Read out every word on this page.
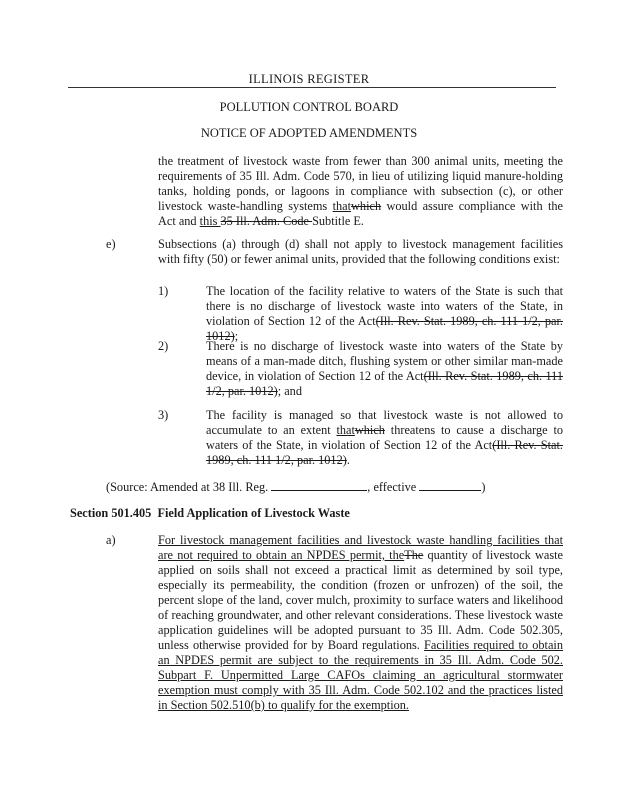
ILLINOIS REGISTER
POLLUTION CONTROL BOARD
NOTICE OF ADOPTED AMENDMENTS
the treatment of livestock waste from fewer than 300 animal units, meeting the requirements of 35 Ill. Adm. Code 570, in lieu of utilizing liquid manure-holding tanks, holding ponds, or lagoons in compliance with subsection (c), or other livestock waste-handling systems thatwhich would assure compliance with the Act and this 35 Ill. Adm. Code Subtitle E.
e)	Subsections (a) through (d) shall not apply to livestock management facilities with fifty (50) or fewer animal units, provided that the following conditions exist:
1)	The location of the facility relative to waters of the State is such that there is no discharge of livestock waste into waters of the State, in violation of Section 12 of the Act(Ill. Rev. Stat. 1989, ch. 111 1/2, par. 1012);
2)	There is no discharge of livestock waste into waters of the State by means of a man-made ditch, flushing system or other similar man-made device, in violation of Section 12 of the Act(Ill. Rev. Stat. 1989, ch. 111 1/2, par. 1012); and
3)	The facility is managed so that livestock waste is not allowed to accumulate to an extent thatwhich threatens to cause a discharge to waters of the State, in violation of Section 12 of the Act(Ill. Rev. Stat. 1989, ch. 111 1/2, par. 1012).
(Source: Amended at 38 Ill. Reg.	, effective	)
Section 501.405 Field Application of Livestock Waste
a)	For livestock management facilities and livestock waste handling facilities that are not required to obtain an NPDES permit, theThe quantity of livestock waste applied on soils shall not exceed a practical limit as determined by soil type, especially its permeability, the condition (frozen or unfrozen) of the soil, the percent slope of the land, cover mulch, proximity to surface waters and likelihood of reaching groundwater, and other relevant considerations. These livestock waste application guidelines will be adopted pursuant to 35 Ill. Adm. Code 502.305, unless otherwise provided for by Board regulations. Facilities required to obtain an NPDES permit are subject to the requirements in 35 Ill. Adm. Code 502. Subpart F. Unpermitted Large CAFOs claiming an agricultural stormwater exemption must comply with 35 Ill. Adm. Code 502.102 and the practices listed in Section 502.510(b) to qualify for the exemption.
